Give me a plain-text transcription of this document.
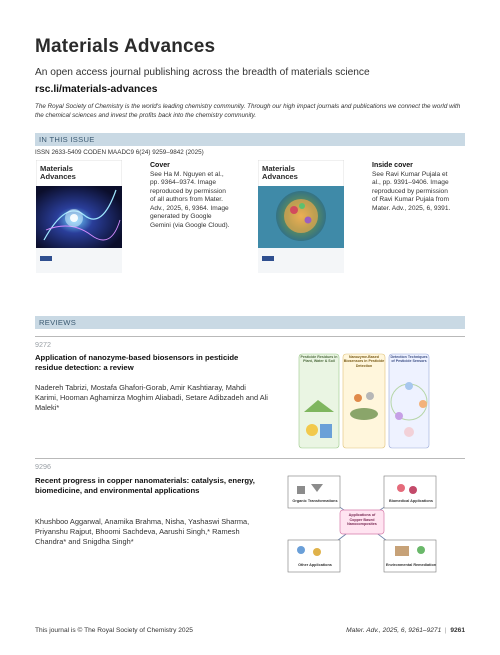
Materials Advances
An open access journal publishing across the breadth of materials science
rsc.li/materials-advances
The Royal Society of Chemistry is the world's leading chemistry community. Through our high impact journals and publications we connect the world with the chemical sciences and invest the profits back into the chemistry community.
IN THIS ISSUE
ISSN 2633-5409 CODEN MAADC9 6(24) 9259–9842 (2025)
Materials
Advances
Cover
See Ha M. Nguyen et al., pp. 9364–9374. Image reproduced by permission of all authors from Mater. Adv., 2025, 6, 9364. Image generated by Google Gemini (via Google Cloud).
Materials
Advances
Inside cover
See Ravi Kumar Pujala et al., pp. 9391–9406. Image reproduced by permission of Ravi Kumar Pujala from Mater. Adv., 2025, 6, 9391.
REVIEWS
9272
Application of nanozyme-based biosensors in pesticide residue detection: a review
Nadereh Tabrizi, Mostafa Ghafori-Gorab, Amir Kashtiaray, Mahdi Karimi, Hooman Aghamirza Moghim Aliabadi, Setare Adibzadeh and Ali Maleki*
Pesticide Residues in Plant, Water & Soil
Nanozyme-Based Biosensors in Pesticide Detection
Detection Techniques of Pesticide Sensors
9296
Recent progress in copper nanomaterials: catalysis, energy, biomedicine, and environmental applications
Khushboo Aggarwal, Anamika Brahma, Nisha, Yashaswi Sharma, Priyanshu Rajput, Bhoomi Sachdeva, Aarushi Singh,* Ramesh Chandra* and Snigdha Singh*
Organic Transformations	Biomedical Applications
Applications of Copper Based Nanocomposites
Other Applications	Environmental Remediation
This journal is © The Royal Society of Chemistry 2025	Mater. Adv., 2025, 6, 9261–9271  |  9261
